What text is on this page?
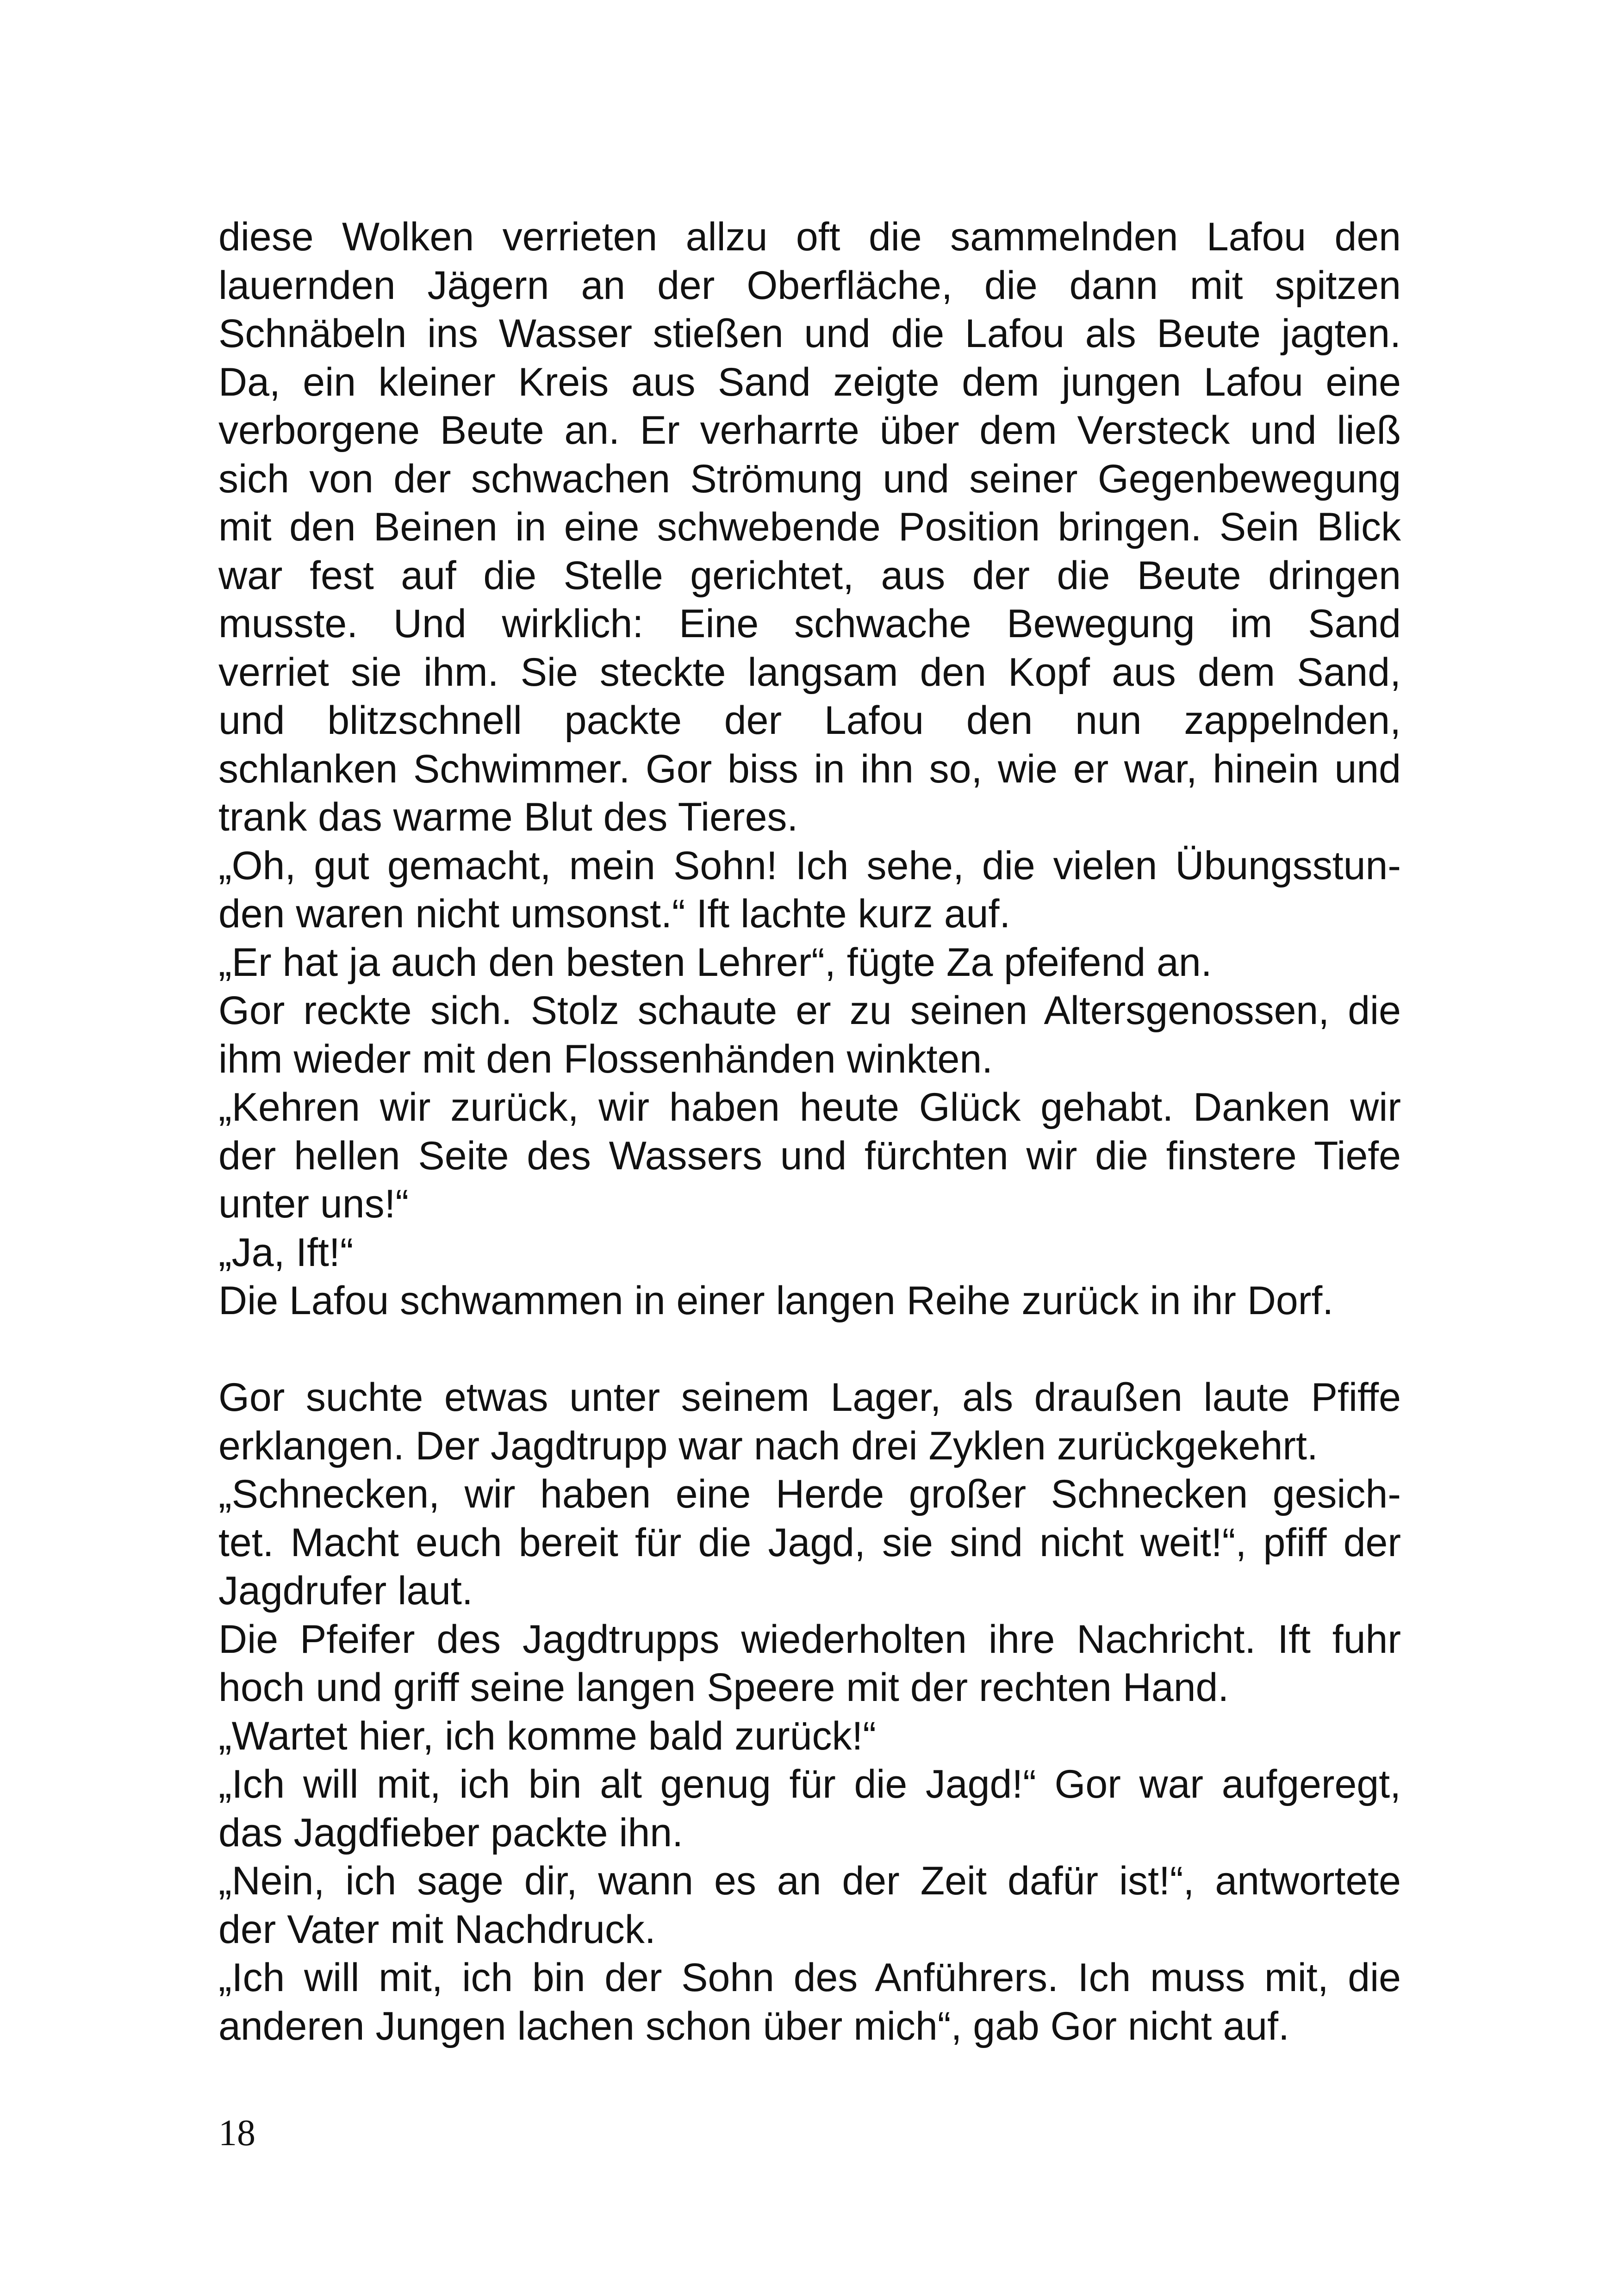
diese Wolken verrieten allzu oft die sammelnden Lafou den

lauernden Jägern an der Oberfläche, die dann mit spitzen

Schnäbeln ins Wasser stießen und die Lafou als Beute jagten.

Da, ein kleiner Kreis aus Sand zeigte dem jungen Lafou eine

verborgene Beute an. Er verharrte über dem Versteck und ließ

sich von der schwachen Strömung und seiner Gegenbewegung

mit den Beinen in eine schwebende Position bringen. Sein Blick

war fest auf die Stelle gerichtet, aus der die Beute dringen

musste. Und wirklich: Eine schwache Bewegung im Sand

verriet sie ihm. Sie steckte langsam den Kopf aus dem Sand,

und blitzschnell packte der Lafou den nun zappelnden,

schlanken Schwimmer. Gor biss in ihn so, wie er war, hinein und

trank das warme Blut des Tieres.

„Oh, gut gemacht, mein Sohn! Ich sehe, die vielen Übungsstun-

den waren nicht umsonst.“ Ift lachte kurz auf.

„Er hat ja auch den besten Lehrer“, fügte Za pfeifend an.

Gor reckte sich. Stolz schaute er zu seinen Altersgenossen, die

ihm wieder mit den Flossenhänden winkten.

„Kehren wir zurück, wir haben heute Glück gehabt. Danken wir

der hellen Seite des Wassers und fürchten wir die finstere Tiefe

unter uns!“

„Ja, Ift!“

Die Lafou schwammen in einer langen Reihe zurück in ihr Dorf.

Gor suchte etwas unter seinem Lager, als draußen laute Pfiffe

erklangen. Der Jagdtrupp war nach drei Zyklen zurückgekehrt.

„Schnecken, wir haben eine Herde großer Schnecken gesich-

tet. Macht euch bereit für die Jagd, sie sind nicht weit!“, pfiff der

Jagdrufer laut.

Die Pfeifer des Jagdtrupps wiederholten ihre Nachricht. Ift fuhr

hoch und griff seine langen Speere mit der rechten Hand.

„Wartet hier, ich komme bald zurück!“

„Ich will mit, ich bin alt genug für die Jagd!“ Gor war aufgeregt,

das Jagdfieber packte ihn.

„Nein, ich sage dir, wann es an der Zeit dafür ist!“, antwortete

der Vater mit Nachdruck.

„Ich will mit, ich bin der Sohn des Anführers. Ich muss mit, die

anderen Jungen lachen schon über mich“, gab Gor nicht auf.

18
